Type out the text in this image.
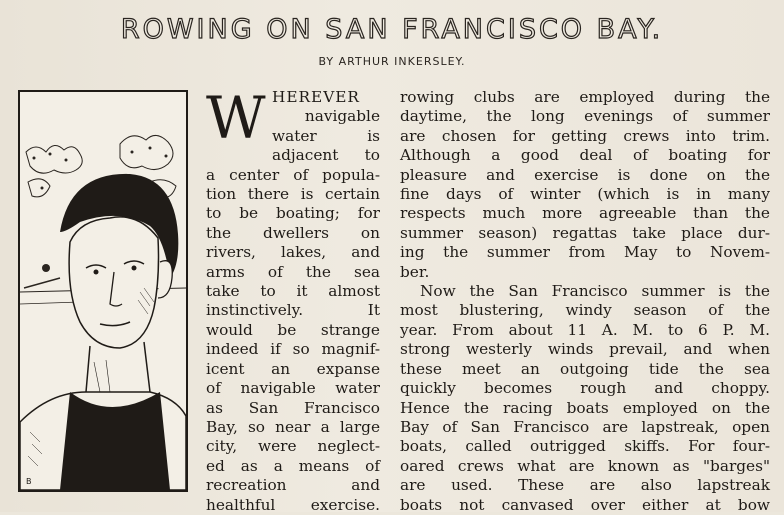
ROWING ON SAN FRANCISCO BAY.
BY ARTHUR INKERSLEY.
B
W HEREVER
navigable
water is
adjacent to
a center of popula-
tion there is certain
to be boating; for
the dwellers on
rivers, lakes, and
arms of the sea
take to it almost
instinctively. It
would be strange
indeed if so magnif-
icent an expanse
of navigable water
as San Francisco
Bay, so near a large
city, were neglect-
ed as a means of
recreation and
healthful exercise.
rowing clubs are employed during the
daytime, the long evenings of summer
are chosen for getting crews into trim.
Although a good deal of boating for
pleasure and exercise is done on the
fine days of winter (which is in many
respects much more agreeable than the
summer season) regattas take place dur-
ing the summer from May to Novem-
ber.
Now the San Francisco summer is the
most blustering, windy season of the
year. From about 11 A. M. to 6 P. M.
strong westerly winds prevail, and when
these meet an outgoing tide the sea
quickly becomes rough and choppy.
Hence the racing boats employed on the
Bay of San Francisco are lapstreak, open
boats, called outrigged skiffs. For four-
oared crews what are known as "barges"
are used. These are also lapstreak
boats not canvased over either at bow
